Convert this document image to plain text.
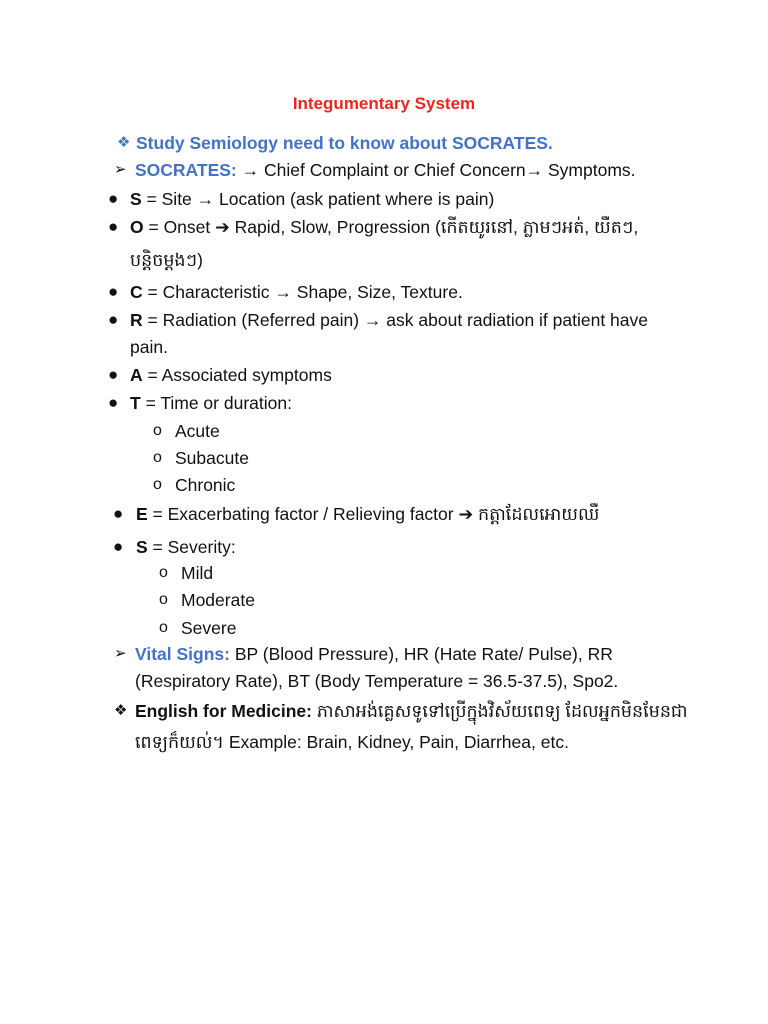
Integumentary System
❖ Study Semiology need to know about SOCRATES.
➢ SOCRATES: → Chief Complaint or Chief Concern→ Symptoms.
● S = Site → Location (ask patient where is pain)
● O = Onset ➔ Rapid, Slow, Progression (កើតយូរនៅ, ភ្លាមៗអត់, យឺតៗ,
បន្តិចម្ដងៗ)
● C = Characteristic → Shape, Size, Texture.
● R = Radiation (Referred pain) → ask about radiation if patient have
pain.
● A = Associated symptoms
● T = Time or duration:
o Acute
o Subacute
o Chronic
● E = Exacerbating factor / Relieving factor ➔ កត្តាដែលអោយឈឺ
● S = Severity:
o Mild
o Moderate
o Severe
➢ Vital Signs: BP (Blood Pressure), HR (Hate Rate/ Pulse), RR
(Respiratory Rate), BT (Body Temperature = 36.5-37.5), Spo2.
❖ English for Medicine: ភាសាអង់គ្លេសទូទៅប្រើក្នុងវិស័យពេទ្យ ដែលអ្នកមិនមែនជា
ពេទ្យក៏យល់។ Example: Brain, Kidney, Pain, Diarrhea, etc.
